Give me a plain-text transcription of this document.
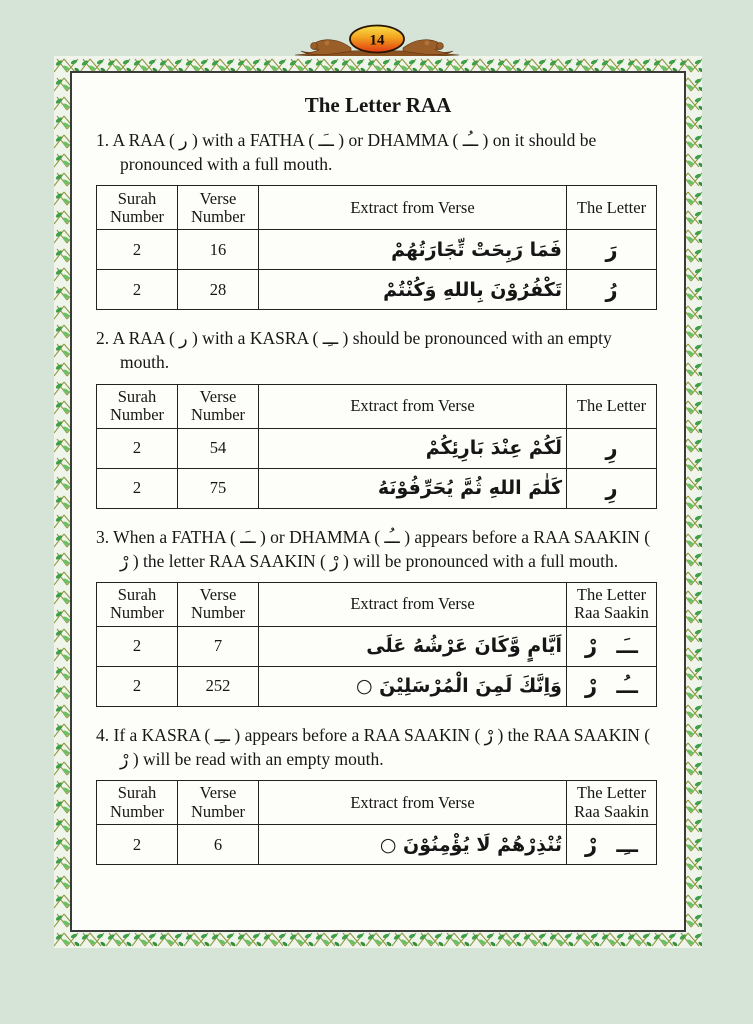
14
The Letter RAA

1. A RAA ( ر ) with a FATHA ( ــَـ ) or DHAMMA ( ــُـ ) on it should be pronounced with a full mouth.

Surah Number	Verse Number	Extract from Verse	The Letter
2	16	فَمَا رَبِحَتْ تِّجَارَتُهُمْ	رَ
2	28	تَكْفُرُوْنَ بِاللهِ وَكُنْتُمْ	رُ

2. A RAA ( ر ) with a KASRA ( ــِـ ) should be pronounced with an empty mouth.

Surah Number	Verse Number	Extract from Verse	The Letter
2	54	لَكُمْ عِنْدَ بَارِئِكُمْ	رِ
2	75	كَلٰمَ اللهِ ثُمَّ يُحَرِّفُوْنَهُ	رِ

3. When a FATHA ( ــَـ ) or DHAMMA ( ــُـ ) appears before a RAA SAAKIN ( رْ ) the letter RAA SAAKIN ( رْ ) will be pronounced with a full mouth.

Surah Number	Verse Number	Extract from Verse	The Letter Raa Saakin
2	7	اَيَّامٍ وَّكَانَ عَرْشُهُ عَلَى	ــَـ رْ
2	252	وَاِنَّكَ لَمِنَ الْمُرْسَلِيْنَ ○	ــُـ رْ

4. If a KASRA ( ــِـ ) appears before a RAA SAAKIN ( رْ ) the RAA SAAKIN ( رْ ) will be read with an empty mouth.

Surah Number	Verse Number	Extract from Verse	The Letter Raa Saakin
2	6	تُنْذِرْهُمْ لَا يُؤْمِنُوْنَ ○	ــِـ رْ
